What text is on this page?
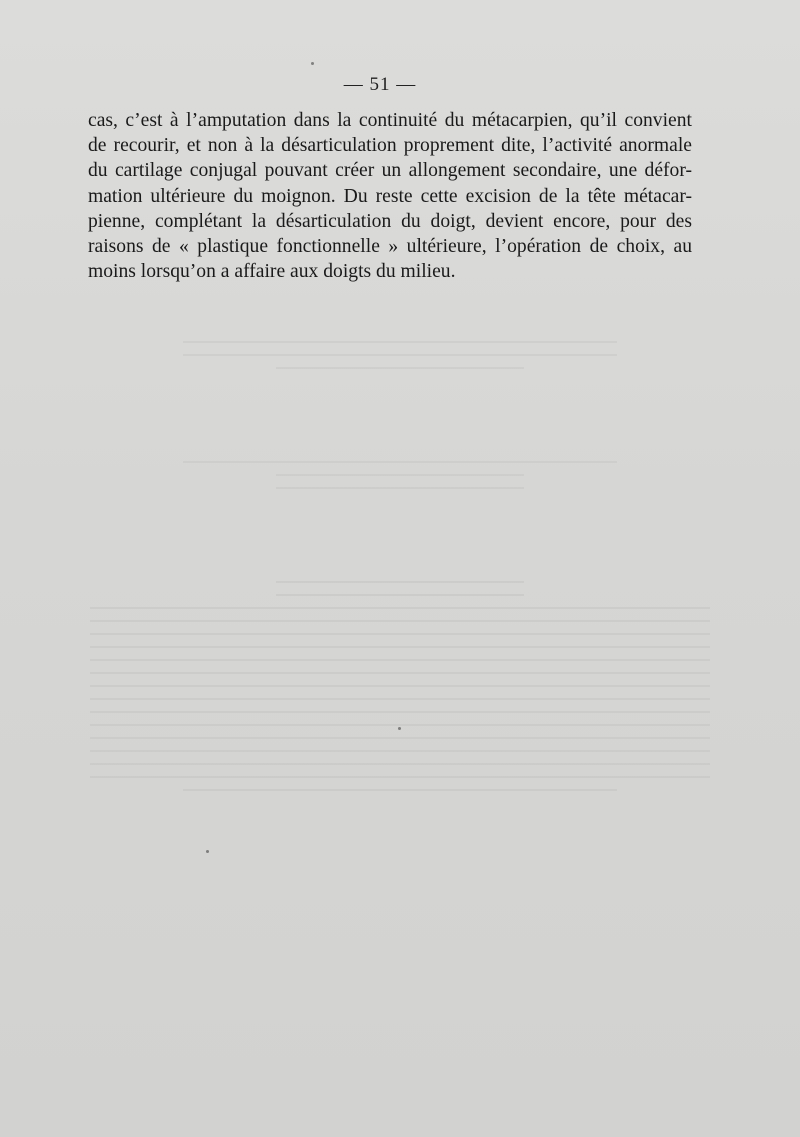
— 51 —
cas, c’est à l’amputation dans la continuité du métacarpien, qu’il convient
de recourir, et non à la désarticulation proprement dite, l’activité anormale
du cartilage conjugal pouvant créer un allongement secondaire, une défor-
mation ultérieure du moignon. Du reste cette excision de la tête métacar-
pienne, complétant la désarticulation du doigt, devient encore, pour des
raisons de « plastique fonctionnelle » ultérieure, l’opération de choix, au
moins lorsqu’on a affaire aux doigts du milieu.
